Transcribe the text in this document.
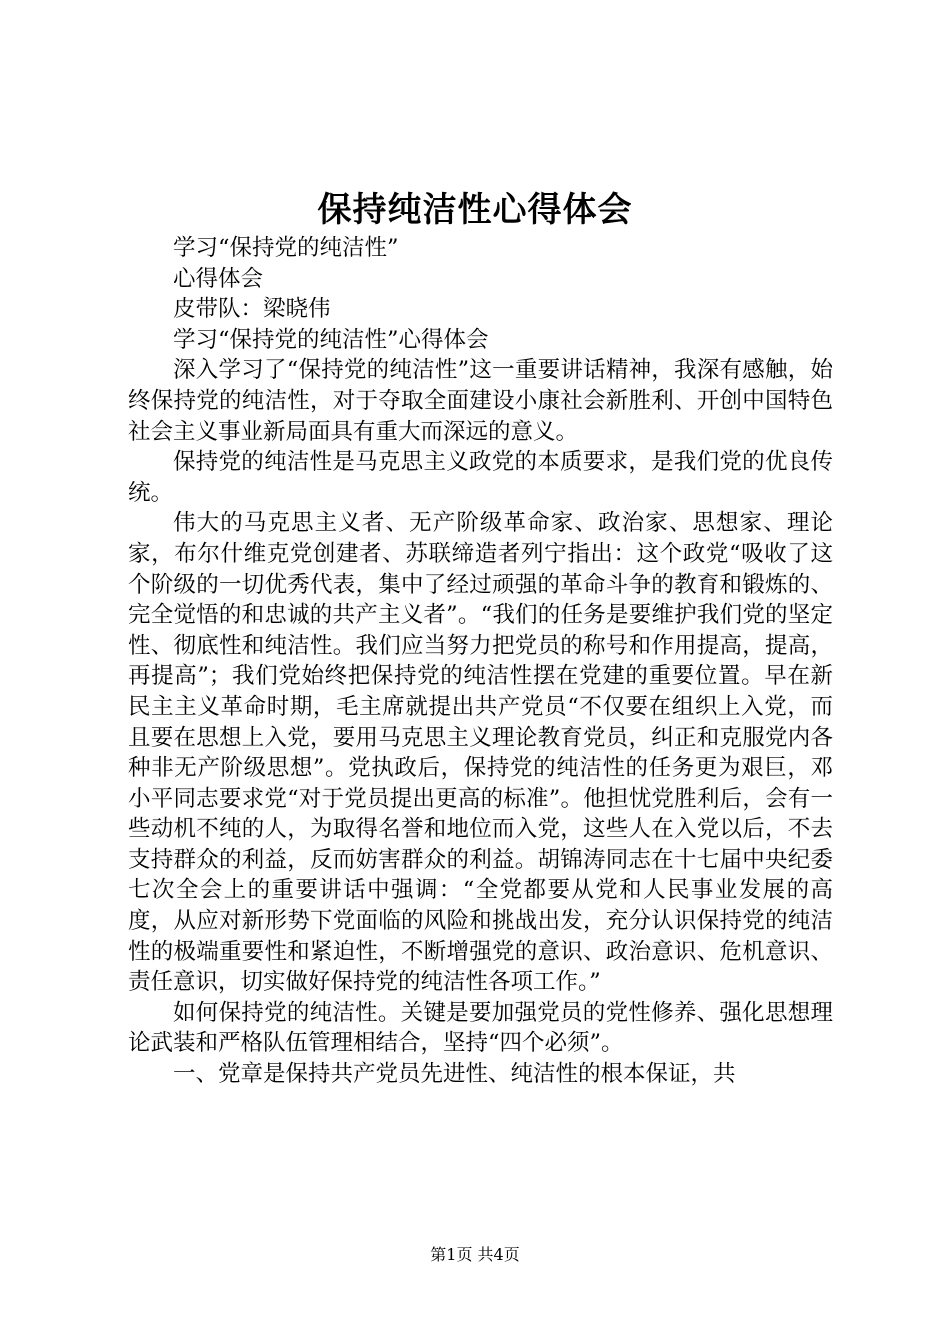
保持纯洁性心得体会

学习“保持党的纯洁性”

心得体会

皮带队：梁晓伟

学习“保持党的纯洁性”心得体会

深入学习了“保持党的纯洁性”这一重要讲话精神，我深有感触，始终保持党的纯洁性，对于夺取全面建设小康社会新胜利、开创中国特色社会主义事业新局面具有重大而深远的意义。

保持党的纯洁性是马克思主义政党的本质要求，是我们党的优良传统。

伟大的马克思主义者、无产阶级革命家、政治家、思想家、理论家，布尔什维克党创建者、苏联缔造者列宁指出：这个政党“吸收了这个阶级的一切优秀代表，集中了经过顽强的革命斗争的教育和锻炼的、完全觉悟的和忠诚的共产主义者”。“我们的任务是要维护我们党的坚定性、彻底性和纯洁性。我们应当努力把党员的称号和作用提高，提高，再提高”；我们党始终把保持党的纯洁性摆在党建的重要位置。早在新民主主义革命时期，毛主席就提出共产党员“不仅要在组织上入党，而且要在思想上入党，要用马克思主义理论教育党员，纠正和克服党内各种非无产阶级思想”。党执政后，保持党的纯洁性的任务更为艰巨，邓小平同志要求党“对于党员提出更高的标准”。他担忧党胜利后，会有一些动机不纯的人，为取得名誉和地位而入党，这些人在入党以后，不去支持群众的利益，反而妨害群众的利益。胡锦涛同志在十七届中央纪委七次全会上的重要讲话中强调：“全党都要从党和人民事业发展的高度，从应对新形势下党面临的风险和挑战出发，充分认识保持党的纯洁性的极端重要性和紧迫性，不断增强党的意识、政治意识、危机意识、责任意识，切实做好保持党的纯洁性各项工作。”

如何保持党的纯洁性。关键是要加强党员的党性修养、强化思想理论武装和严格队伍管理相结合，坚持“四个必须”。

一、党章是保持共产党员先进性、纯洁性的根本保证，共

第1页 共4页
